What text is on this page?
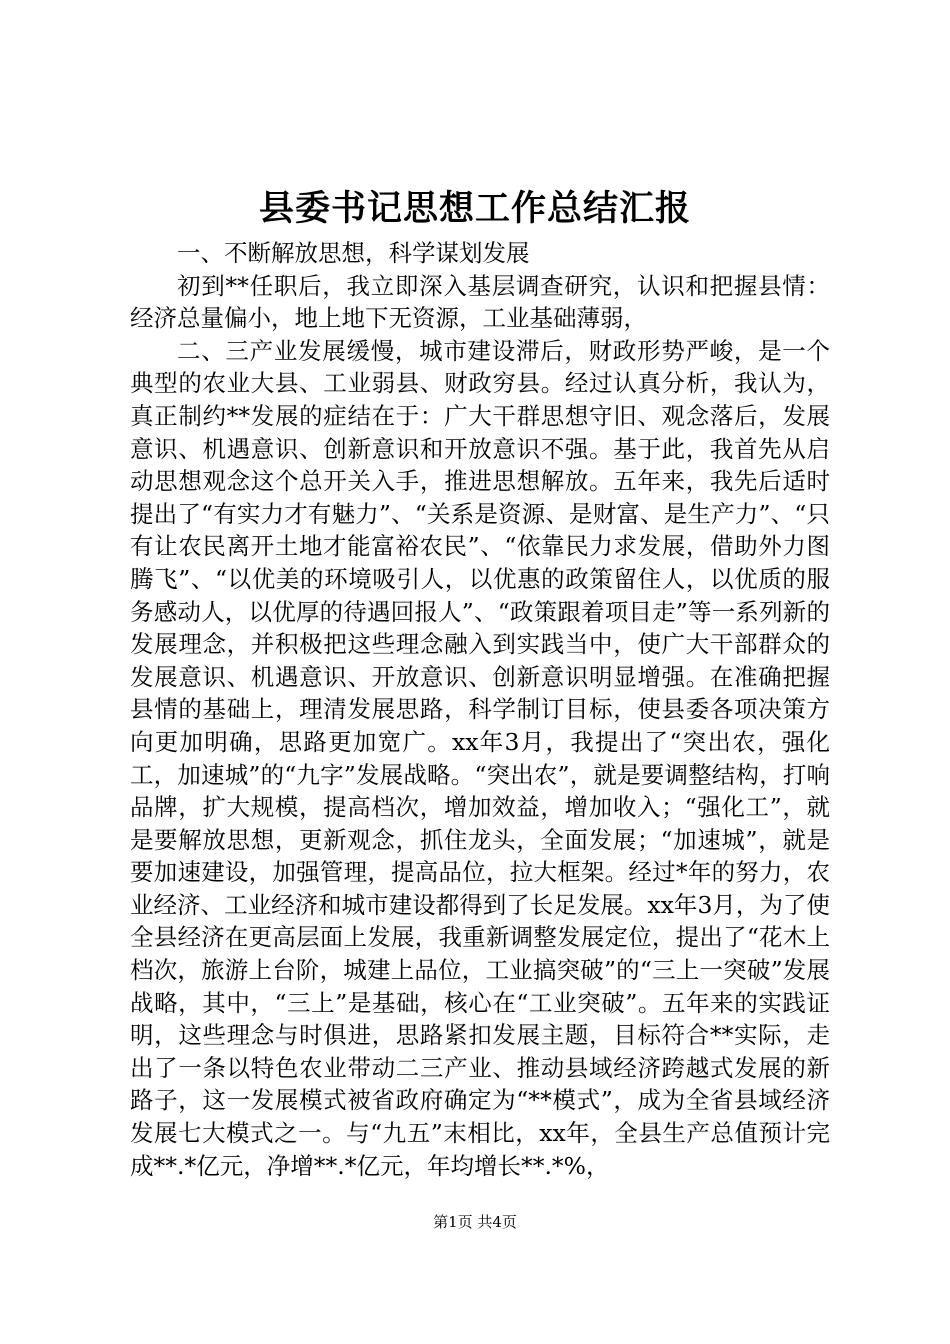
县委书记思想工作总结汇报

一、不断解放思想，科学谋划发展

初到**任职后，我立即深入基层调查研究，认识和把握县情：经济总量偏小，地上地下无资源，工业基础薄弱，

二、三产业发展缓慢，城市建设滞后，财政形势严峻，是一个典型的农业大县、工业弱县、财政穷县。经过认真分析，我认为，真正制约**发展的症结在于：广大干群思想守旧、观念落后，发展意识、机遇意识、创新意识和开放意识不强。基于此，我首先从启动思想观念这个总开关入手，推进思想解放。五年来，我先后适时提出了“有实力才有魅力”、“关系是资源、是财富、是生产力”、“只有让农民离开土地才能富裕农民”、“依靠民力求发展，借助外力图腾飞”、“以优美的环境吸引人，以优惠的政策留住人，以优质的服务感动人，以优厚的待遇回报人”、“政策跟着项目走”等一系列新的发展理念，并积极把这些理念融入到实践当中，使广大干部群众的发展意识、机遇意识、开放意识、创新意识明显增强。在准确把握县情的基础上，理清发展思路，科学制订目标，使县委各项决策方向更加明确，思路更加宽广。xx年3月，我提出了“突出农，强化工，加速城”的“九字”发展战略。“突出农”，就是要调整结构，打响品牌，扩大规模，提高档次，增加效益，增加收入；“强化工”，就是要解放思想，更新观念，抓住龙头，全面发展；“加速城”，就是要加速建设，加强管理，提高品位，拉大框架。经过*年的努力，农业经济、工业经济和城市建设都得到了长足发展。xx年3月，为了使全县经济在更高层面上发展，我重新调整发展定位，提出了“花木上档次，旅游上台阶，城建上品位，工业搞突破”的“三上一突破”发展战略，其中，“三上”是基础，核心在“工业突破”。五年来的实践证明，这些理念与时俱进，思路紧扣发展主题，目标符合**实际，走出了一条以特色农业带动二三产业、推动县域经济跨越式发展的新路子，这一发展模式被省政府确定为“**模式”，成为全省县域经济发展七大模式之一。与“九五”末相比，xx年，全县生产总值预计完成**.*亿元，净增**.*亿元，年均增长**.*%，

第1页 共4页
